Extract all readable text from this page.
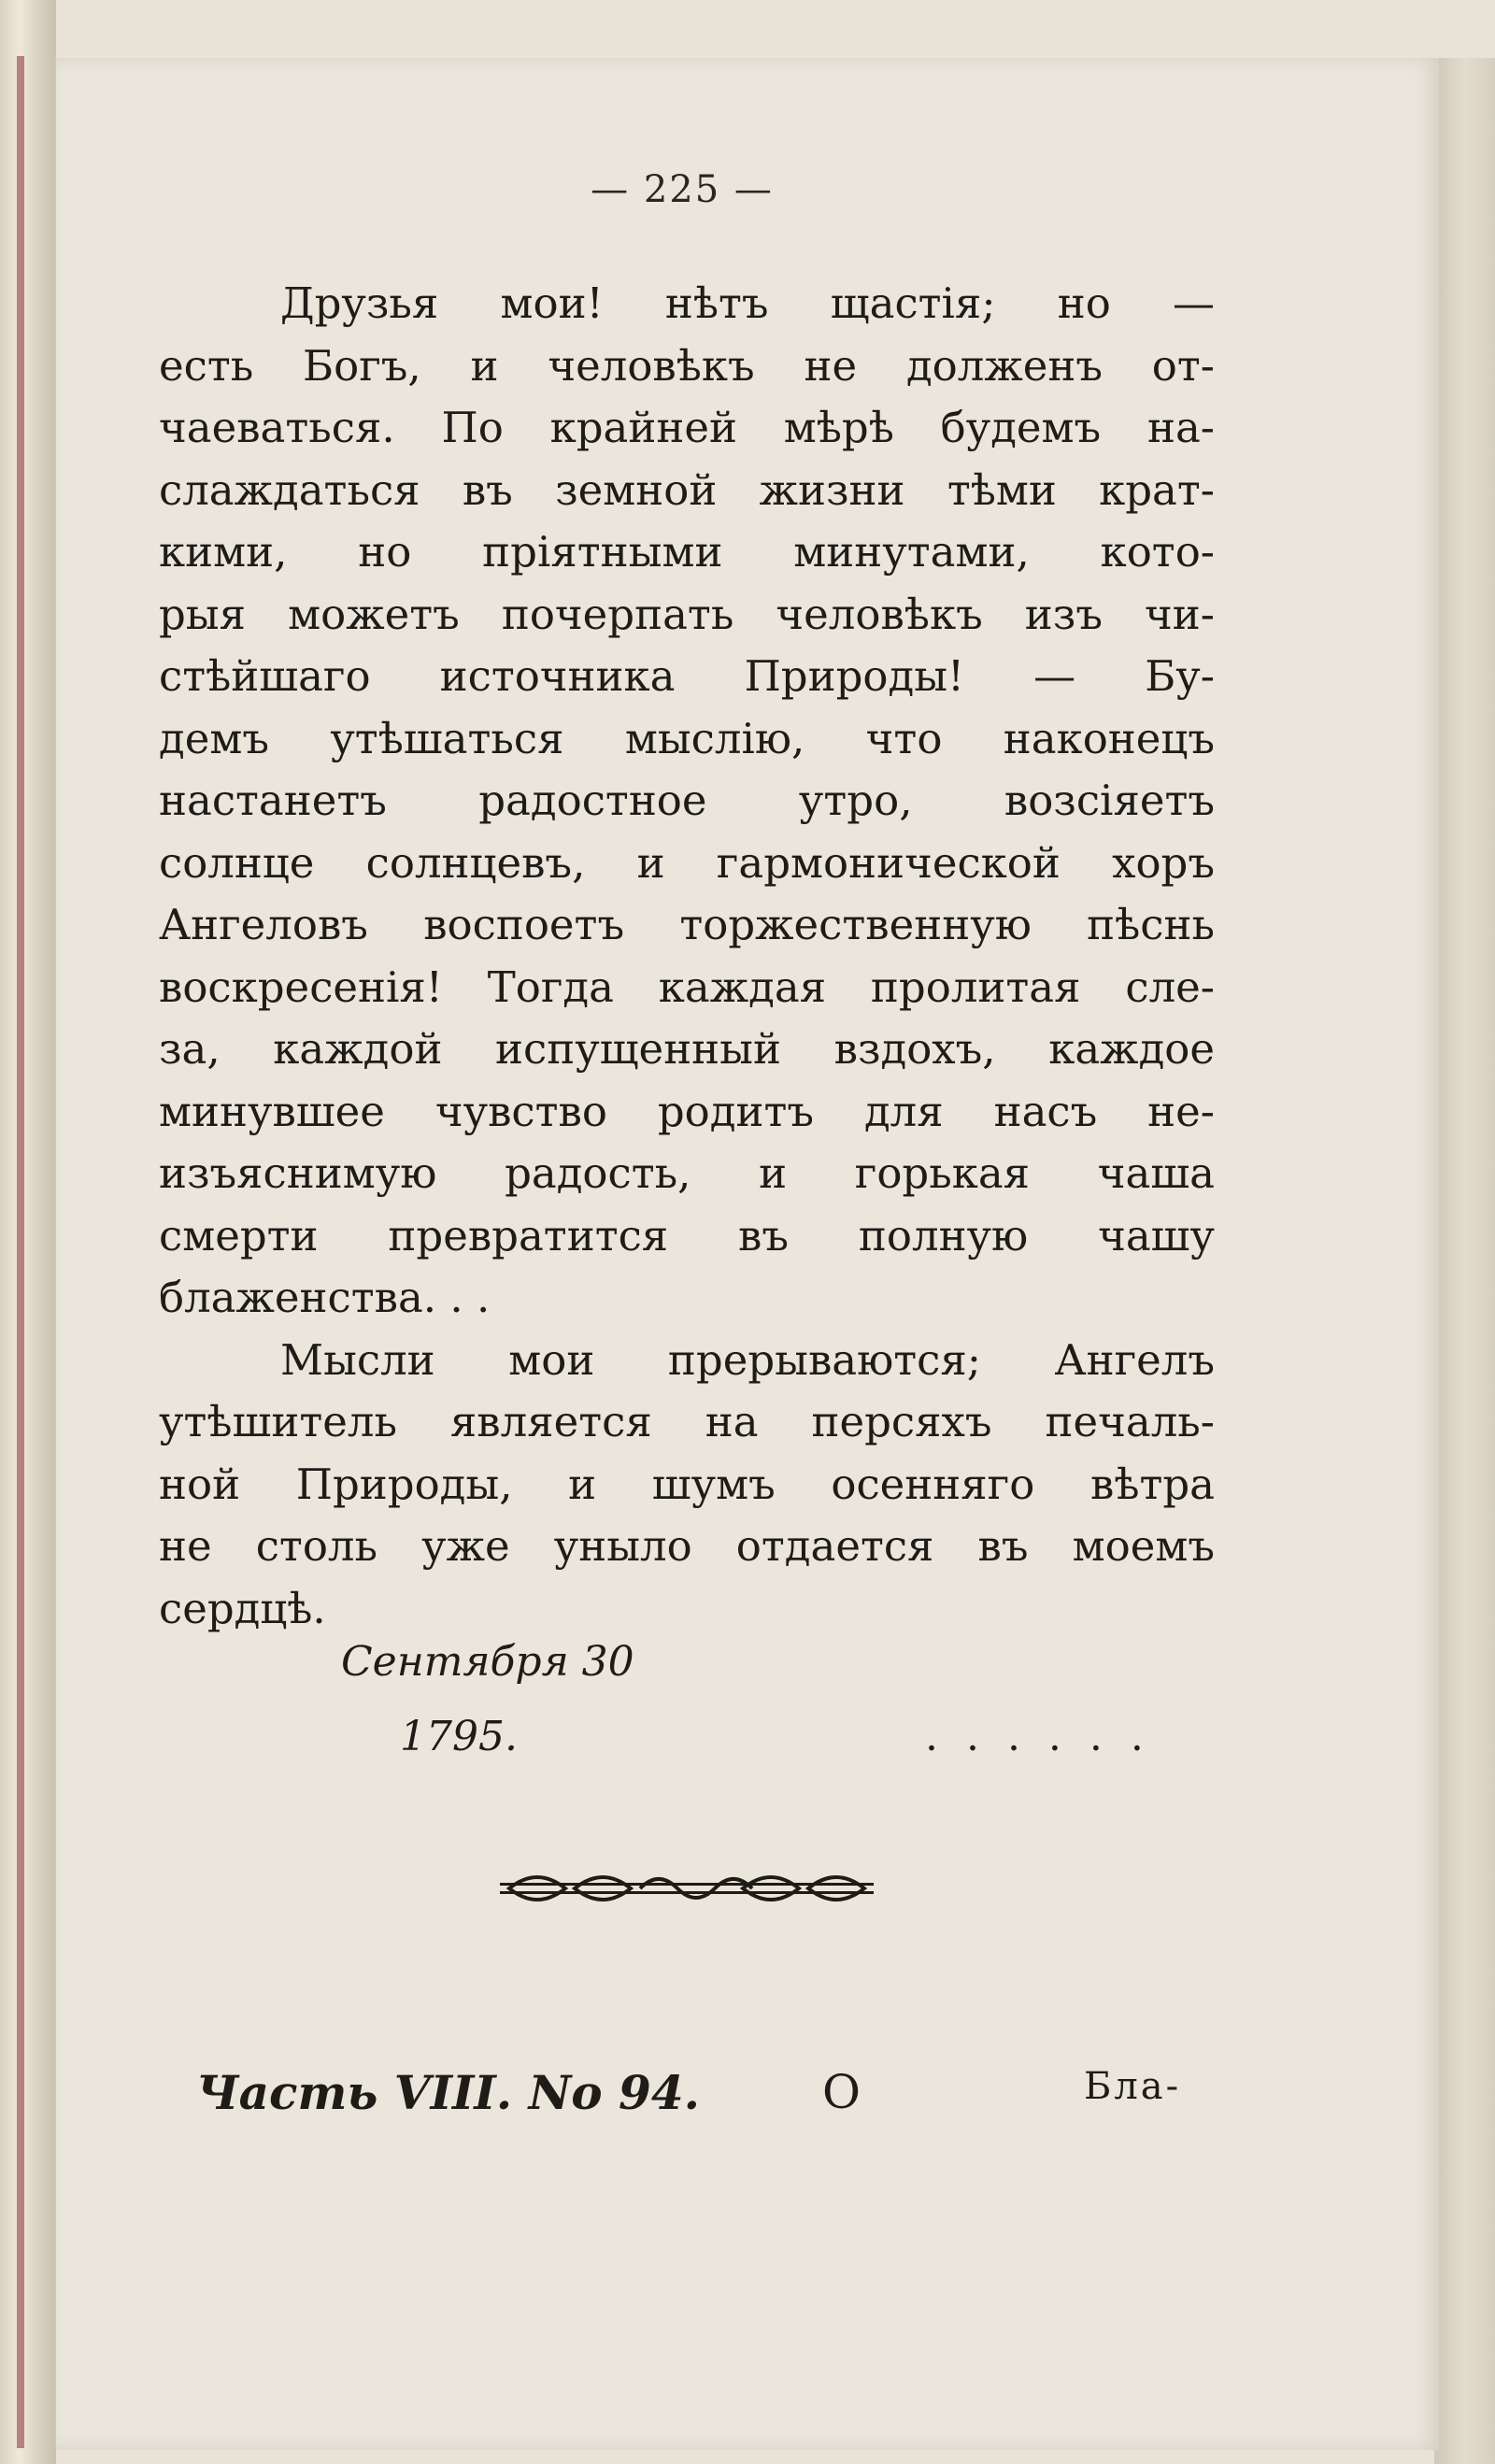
— 225 —
Друзья мои! нѣтъ щастія; но —
есть Богъ, и человѣкъ не долженъ от-
чаеваться. По крайней мѣрѣ будемъ на-
слаждаться въ земной жизни тѣми крат-
кими, но пріятными минутами, кото-
рыя можетъ почерпать человѣкъ изъ чи-
стѣйшаго источника Природы! — Бу-
демъ утѣшаться мыслію, что наконецъ
настанетъ радостное утро, возсіяетъ
солнце солнцевъ, и гармонической хоръ
Ангеловъ воспоетъ торжественную пѣснь
воскресенія! Тогда каждая пролитая сле-
за, каждой испущенный вздохъ, каждое
минувшее чувство родитъ для насъ не-
изъяснимую радость, и горькая чаша
смерти превратится въ полную чашу
блаженства. . .
Мысли мои прерываются; Ангелъ
утѣшитель является на персяхъ печаль-
ной Природы, и шумъ осенняго вѣтра
не столь уже уныло отдается въ моемъ
сердцѣ.
Сентября 30
1795.	. . . . . .
Часть VIII. No 94.	О	Бла-
